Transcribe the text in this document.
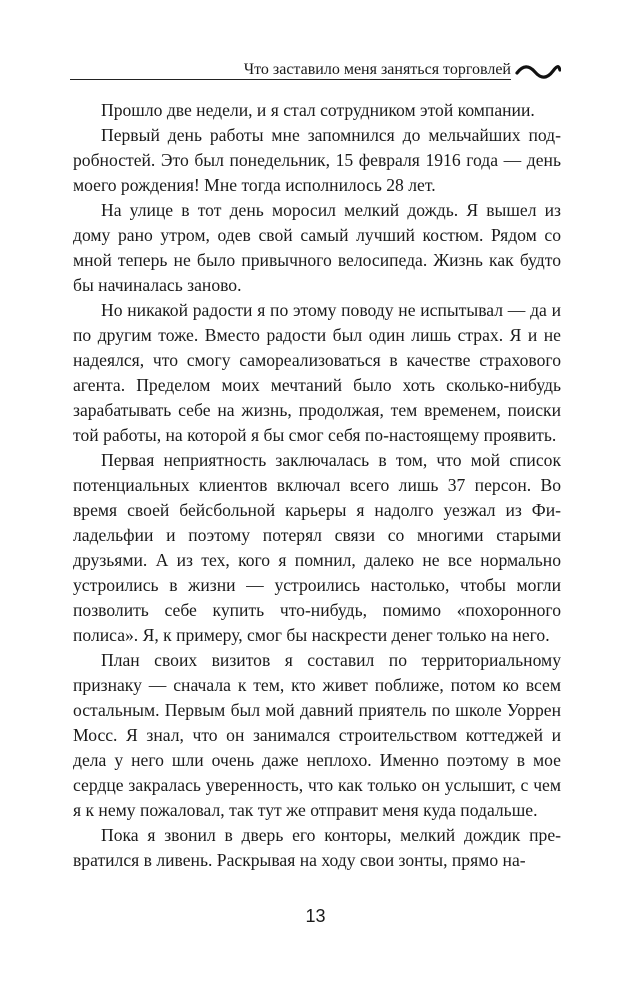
Что заставило меня заняться торговлей

Прошло две недели, и я стал сотрудником этой компании.

Первый день работы мне запомнился до мельчайших подробностей. Это был понедельник, 15 февраля 1916 года — день моего рождения! Мне тогда исполнилось 28 лет.

На улице в тот день моросил мелкий дождь. Я вышел из дому рано утром, одев свой самый лучший костюм. Рядом со мной теперь не было привычного велосипеда. Жизнь как будто бы начиналась заново.

Но никакой радости я по этому поводу не испытывал — да и по другим тоже. Вместо радости был один лишь страх. Я и не надеялся, что смогу самореализоваться в качестве страхового агента. Пределом моих мечтаний было хоть сколько-нибудь зарабатывать себе на жизнь, продолжая, тем временем, поиски той работы, на которой я бы смог себя по-настоящему проявить.

Первая неприятность заключалась в том, что мой список потенциальных клиентов включал всего лишь 37 персон. Во время своей бейсбольной карьеры я надолго уезжал из Филадельфии и поэтому потерял связи со многими старыми друзьями. А из тех, кого я помнил, далеко не все нормально устроились в жизни — устроились настолько, чтобы могли позволить себе купить что-нибудь, помимо «похоронного полиса». Я, к примеру, смог бы наскрести денег только на него.

План своих визитов я составил по территориальному признаку — сначала к тем, кто живет поближе, потом ко всем остальным. Первым был мой давний приятель по школе Уоррен Мосс. Я знал, что он занимался строительством коттеджей и дела у него шли очень даже неплохо. Именно поэтому в мое сердце закралась уверенность, что как только он услышит, с чем я к нему пожаловал, так тут же отправит меня куда подальше.

Пока я звонил в дверь его конторы, мелкий дождик превратился в ливень. Раскрывая на ходу свои зонты, прямо на-

13
